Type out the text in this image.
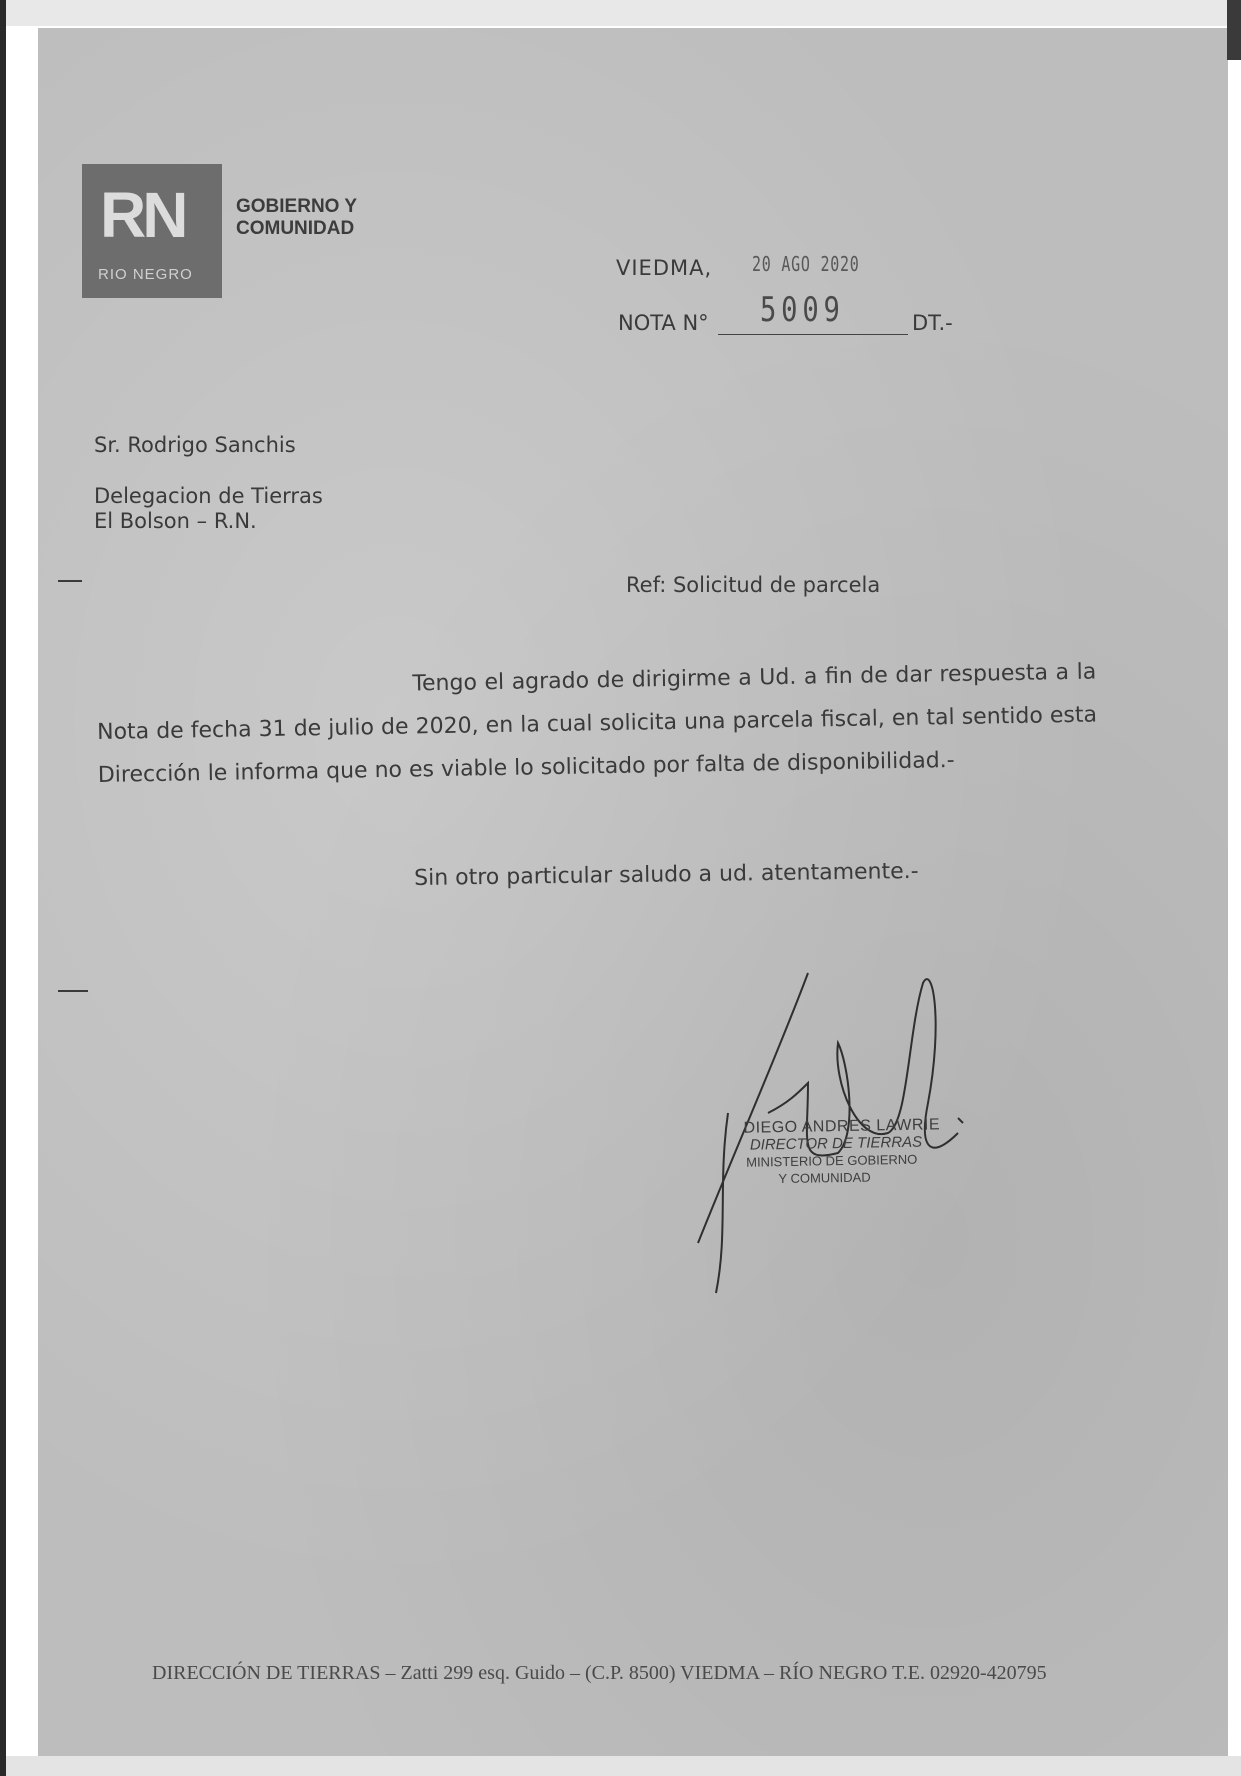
RN
RIO NEGRO
GOBIERNO Y
COMUNIDAD
VIEDMA, 20 AGO 2020
NOTA N° 5009	DT.-
Sr. Rodrigo Sanchis
Delegacion de Tierras
El Bolson – R.N.
Ref: Solicitud de parcela
Tengo el agrado de dirigirme a Ud. a fin de dar respuesta a la Nota de fecha 31 de julio de 2020, en la cual solicita una parcela fiscal, en tal sentido esta Dirección le informa que no es viable lo solicitado por falta de disponibilidad.-
Sin otro particular saludo a ud. atentamente.-
DIEGO ANDRES LAWRIE
DIRECTOR DE TIERRAS
MINISTERIO DE GOBIERNO
Y COMUNIDAD
DIRECCIÓN DE TIERRAS – Zatti 299 esq. Guido – (C.P. 8500) VIEDMA – RÍO NEGRO T.E. 02920-420795
